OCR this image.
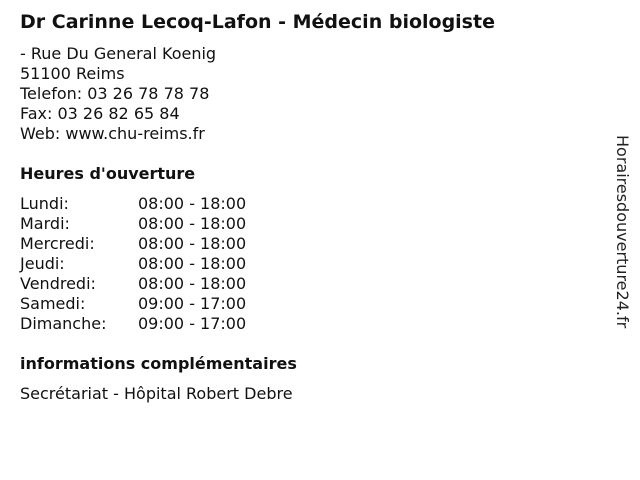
Dr Carinne Lecoq-Lafon - Médecin biologiste
- Rue Du General Koenig
51100 Reims
Telefon: 03 26 78 78 78
Fax: 03 26 82 65 84
Web: www.chu-reims.fr
Heures d'ouverture
Lundi:	08:00 - 18:00
Mardi:	08:00 - 18:00
Mercredi:	08:00 - 18:00
Jeudi:	08:00 - 18:00
Vendredi:	08:00 - 18:00
Samedi:	09:00 - 17:00
Dimanche:	09:00 - 17:00
informations complémentaires
Secrétariat - Hôpital Robert Debre
Horairesdouverture24.fr
